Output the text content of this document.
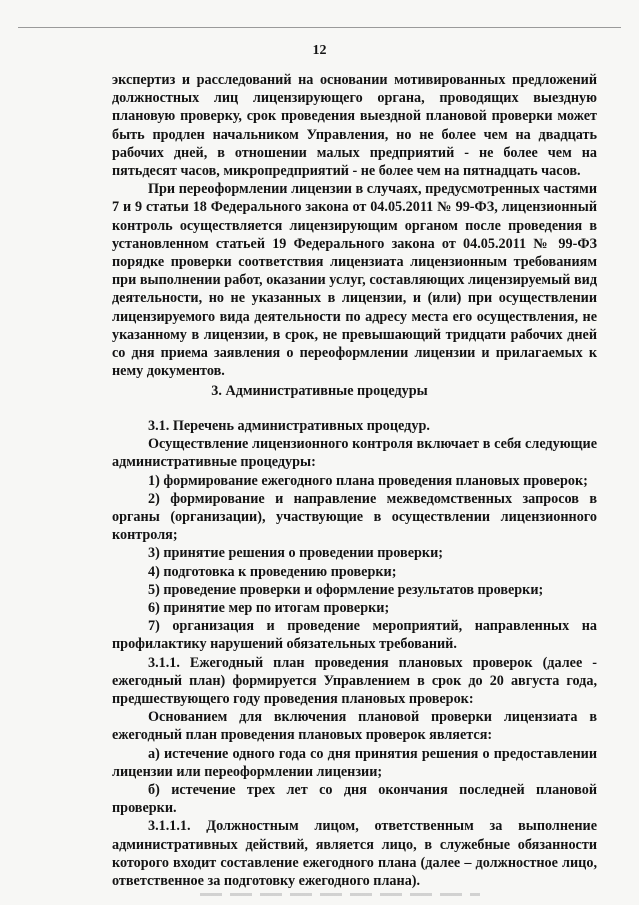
12

экспертиз и расследований на основании мотивированных предложений должностных лиц лицензирующего органа, проводящих выездную плановую проверку, срок проведения выездной плановой проверки может быть продлен начальником Управления, но не более чем на двадцать рабочих дней, в отношении малых предприятий - не более чем на пятьдесят часов, микропредприятий - не более чем на пятнадцать часов.

При переоформлении лицензии в случаях, предусмотренных частями 7 и 9 статьи 18 Федерального закона от 04.05.2011 № 99-ФЗ, лицензионный контроль осуществляется лицензирующим органом после проведения в установленном статьей 19 Федерального закона от 04.05.2011 № 99-ФЗ порядке проверки соответствия лицензиата лицензионным требованиям при выполнении работ, оказании услуг, составляющих лицензируемый вид деятельности, но не указанных в лицензии, и (или) при осуществлении лицензируемого вида деятельности по адресу места его осуществления, не указанному в лицензии, в срок, не превышающий тридцати рабочих дней со дня приема заявления о переоформлении лицензии и прилагаемых к нему документов.

3. Административные процедуры

3.1. Перечень административных процедур.

Осуществление лицензионного контроля включает в себя следующие административные процедуры:

1) формирование ежегодного плана проведения плановых проверок;

2) формирование и направление межведомственных запросов в органы (организации), участвующие в осуществлении лицензионного контроля;

3) принятие решения о проведении проверки;

4) подготовка к проведению проверки;

5) проведение проверки и оформление результатов проверки;

6) принятие мер по итогам проверки;

7) организация и проведение мероприятий, направленных на профилактику нарушений обязательных требований.

3.1.1. Ежегодный план проведения плановых проверок (далее - ежегодный план) формируется Управлением в срок до 20 августа года, предшествующего году проведения плановых проверок:

Основанием для включения плановой проверки лицензиата в ежегодный план проведения плановых проверок является:

а) истечение одного года со дня принятия решения о предоставлении лицензии или переоформлении лицензии;

б) истечение трех лет со дня окончания последней плановой проверки.

3.1.1.1. Должностным лицом, ответственным за выполнение административных действий, является лицо, в служебные обязанности которого входит составление ежегодного плана (далее – должностное лицо, ответственное за подготовку ежегодного плана).
